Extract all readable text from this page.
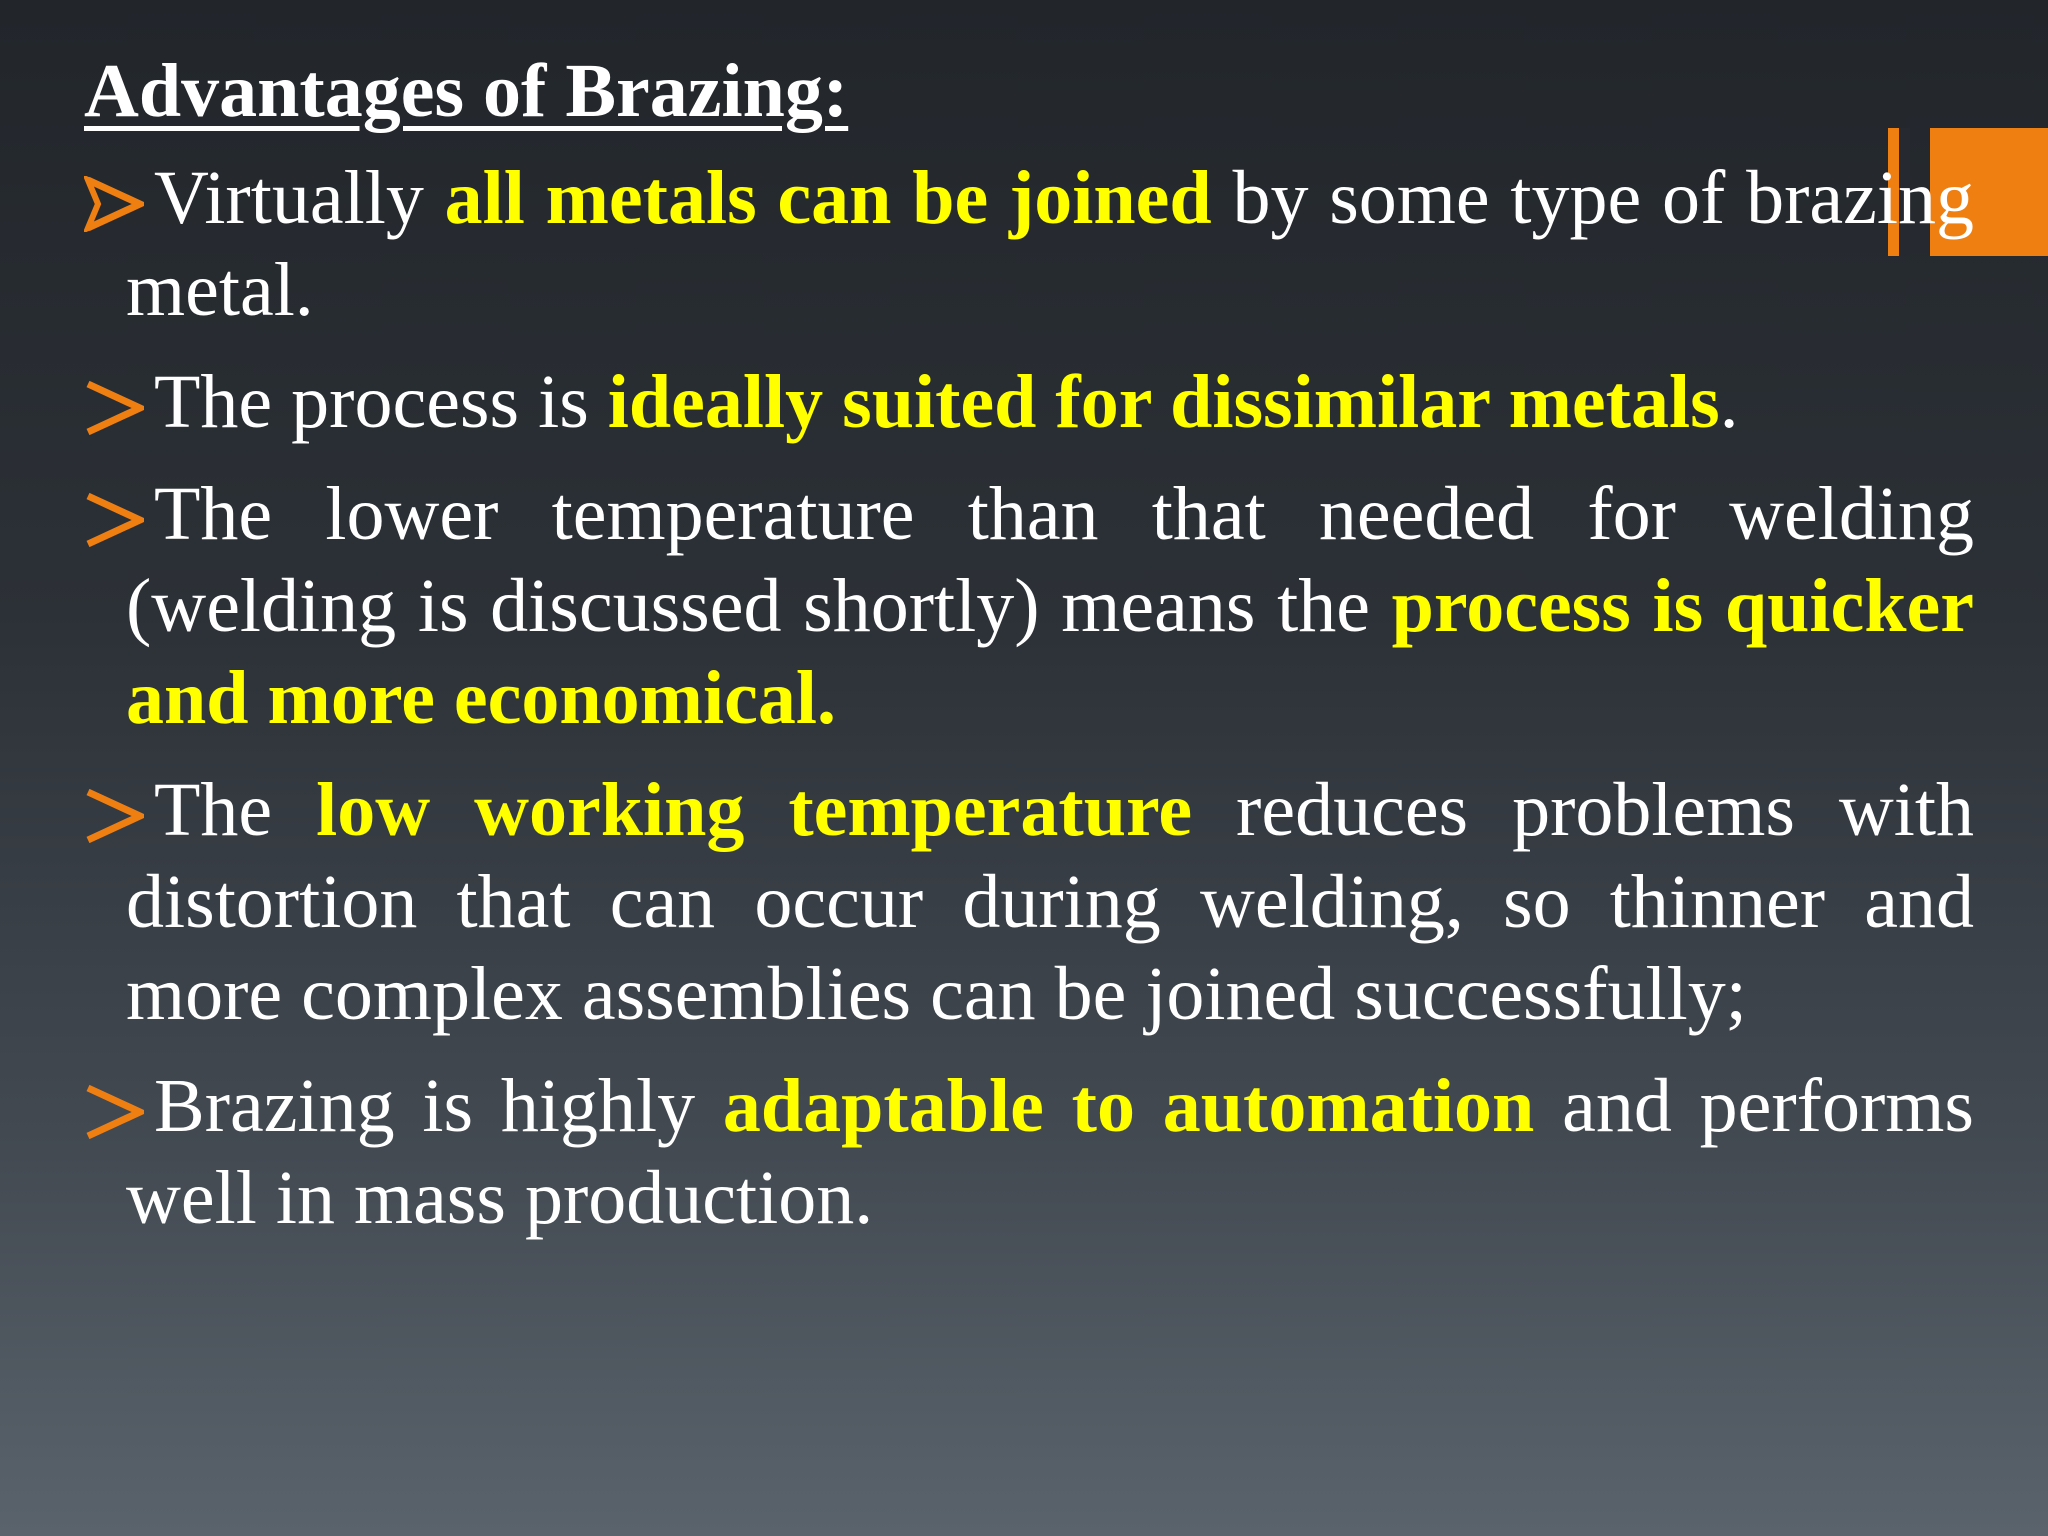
Advantages of Brazing:
Virtually all metals can be joined by some type of brazing metal.
The process is ideally suited for dissimilar metals.
The lower temperature than that needed for welding (welding is discussed shortly) means the process is quicker and more economical.
The low working temperature reduces problems with distortion that can occur during welding, so thinner and more complex assemblies can be joined successfully;
Brazing is highly adaptable to automation and performs well in mass production.
